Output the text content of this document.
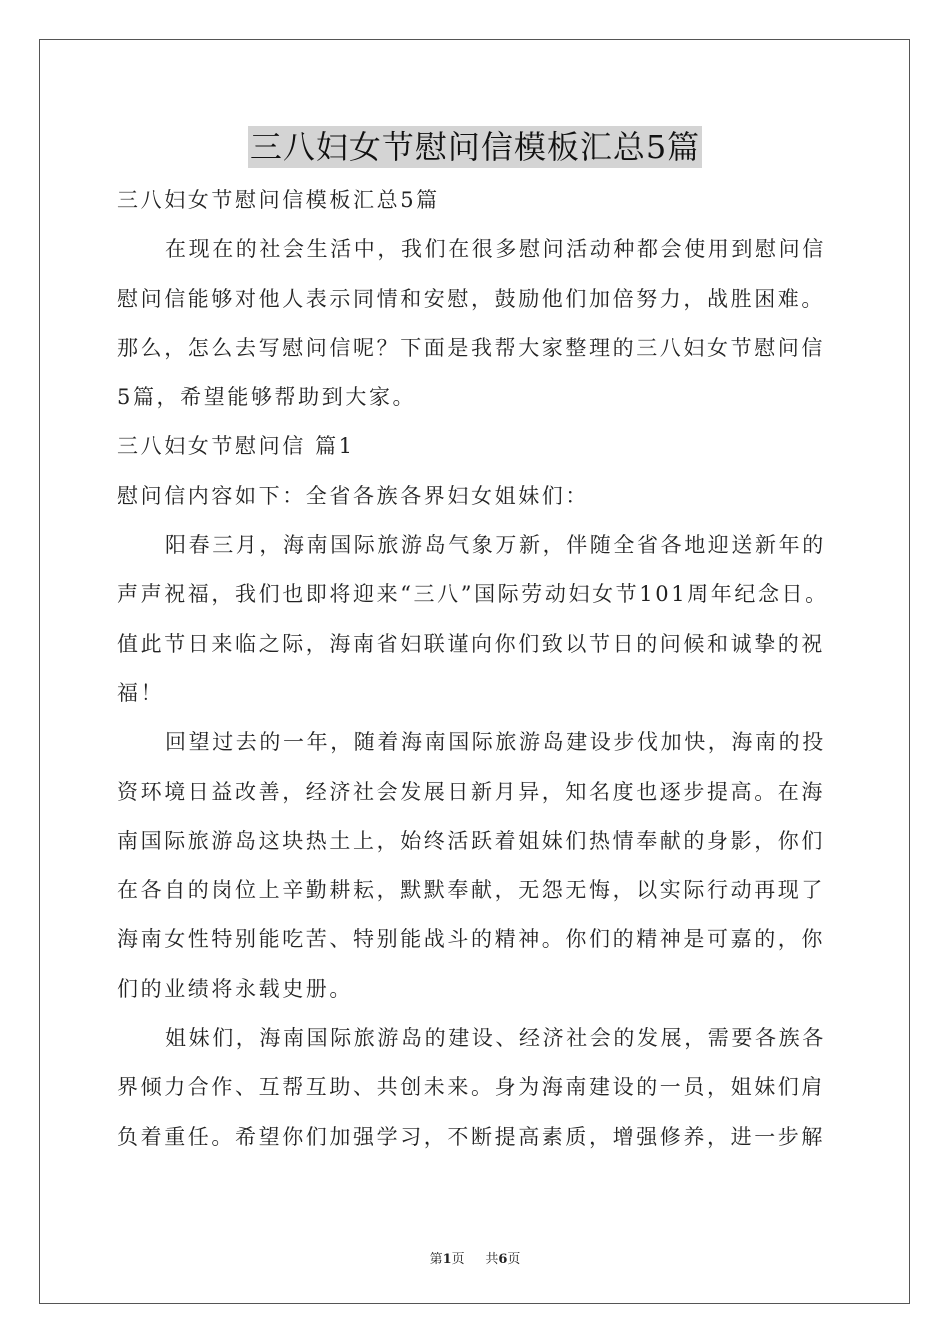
三八妇女节慰问信模板汇总5篇
三八妇女节慰问信模板汇总5篇
在现在的社会生活中，我们在很多慰问活动种都会使用到慰问信
慰问信能够对他人表示同情和安慰，鼓励他们加倍努力，战胜困难。
那么，怎么去写慰问信呢？下面是我帮大家整理的三八妇女节慰问信
5篇，希望能够帮助到大家。
三八妇女节慰问信 篇1
慰问信内容如下：全省各族各界妇女姐妹们：
阳春三月，海南国际旅游岛气象万新，伴随全省各地迎送新年的
声声祝福，我们也即将迎来“三八”国际劳动妇女节101周年纪念日。
值此节日来临之际，海南省妇联谨向你们致以节日的问候和诚挚的祝
福！
回望过去的一年，随着海南国际旅游岛建设步伐加快，海南的投
资环境日益改善，经济社会发展日新月异，知名度也逐步提高。在海
南国际旅游岛这块热土上，始终活跃着姐妹们热情奉献的身影，你们
在各自的岗位上辛勤耕耘，默默奉献，无怨无悔，以实际行动再现了
海南女性特别能吃苦、特别能战斗的精神。你们的精神是可嘉的，你
们的业绩将永载史册。
姐妹们，海南国际旅游岛的建设、经济社会的发展，需要各族各
界倾力合作、互帮互助、共创未来。身为海南建设的一员，姐妹们肩
负着重任。希望你们加强学习，不断提高素质，增强修养，进一步解
第1页 共6页
